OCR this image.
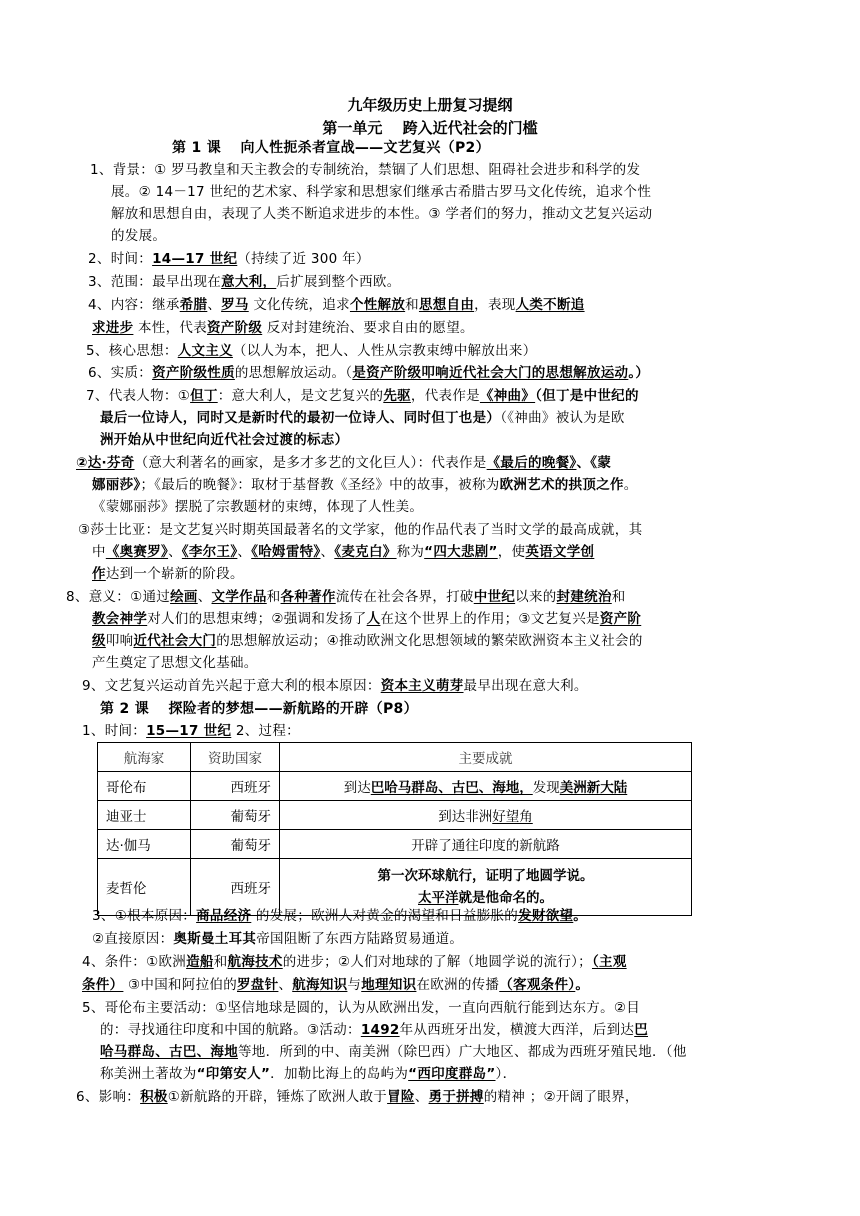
九年级历史上册复习提纲
第一单元　 跨入近代社会的门槛
第 1 课　 向人性扼杀者宣战——文艺复兴（P2）
1、背景：① 罗马教皇和天主教会的专制统治，禁锢了人们思想、阻碍社会进步和科学的发
展。② 14－17 世纪的艺术家、科学家和思想家们继承古希腊古罗马文化传统，追求个性
解放和思想自由，表现了人类不断追求进步的本性。③ 学者们的努力，推动文艺复兴运动
的发展。
2、时间：14—17 世纪（持续了近 300 年）
3、范围：最早出现在意大利，后扩展到整个西欧。
4、内容：继承希腊、罗马 文化传统，追求个性解放和思想自由，表现人类不断追
求进步 本性，代表资产阶级 反对封建统治、要求自由的愿望。
5、核心思想：人文主义（以人为本，把人、人性从宗教束缚中解放出来）
6、实质：资产阶级性质的思想解放运动。（是资产阶级叩响近代社会大门的思想解放运动。）
7、代表人物：①但丁：意大利人，是文艺复兴的先驱，代表作是《神曲》（但丁是中世纪的
最后一位诗人，同时又是新时代的最初一位诗人、同时但丁也是）（《神曲》被认为是欧
洲开始从中世纪向近代社会过渡的标志）
②达·芬奇（意大利著名的画家，是多才多艺的文化巨人）：代表作是《最后的晚餐》、《蒙
娜丽莎》；《最后的晚餐》：取材于基督教《圣经》中的故事，被称为欧洲艺术的拱顶之作。
《蒙娜丽莎》摆脱了宗教题材的束缚，体现了人性美。
③莎士比亚：是文艺复兴时期英国最著名的文学家，他的作品代表了当时文学的最高成就，其
中《奥赛罗》、《李尔王》、《哈姆雷特》、《麦克白》称为“四大悲剧”，使英语文学创
作达到一个崭新的阶段。
8、意义：①通过绘画、文学作品和各种著作流传在社会各界，打破中世纪以来的封建统治和
教会神学对人们的思想束缚；②强调和发扬了人在这个世界上的作用；③文艺复兴是资产阶
级叩响近代社会大门的思想解放运动；④推动欧洲文化思想领域的繁荣欧洲资本主义社会的
产生奠定了思想文化基础。
9、文艺复兴运动首先兴起于意大利的根本原因：资本主义萌芽最早出现在意大利。
第 2 课　 探险者的梦想——新航路的开辟（P8）
1、时间：15—17 世纪 2、过程：
航海家	资助国家	主要成就
哥伦布	西班牙	到达巴哈马群岛、古巴、海地，发现美洲新大陆
迪亚士	葡萄牙	到达非洲好望角
达·伽马	葡萄牙	开辟了通往印度的新航路
麦哲伦	西班牙	第一次环球航行，证明了地圆学说。
太平洋就是他命名的。
3、①根本原因：商品经济 的发展；欧洲人对黄金的渴望和日益膨胀的发财欲望。
②直接原因：奥斯曼土耳其帝国阻断了东西方陆路贸易通道。
4、条件：①欧洲造船和航海技术的进步；②人们对地球的了解（地圆学说的流行）；（主观
条件） ③中国和阿拉伯的罗盘针、航海知识与地理知识在欧洲的传播（客观条件）。
5、哥伦布主要活动：①坚信地球是圆的，认为从欧洲出发，一直向西航行能到达东方。②目
的：寻找通往印度和中国的航路。③活动：1492年从西班牙出发，横渡大西洋，后到达巴
哈马群岛、古巴、海地等地．所到的中、南美洲（除巴西）广大地区、都成为西班牙殖民地．（他
称美洲土著故为“印第安人”．加勒比海上的岛屿为“西印度群岛”）．
6、影响：积极①新航路的开辟，锤炼了欧洲人敢于冒险、勇于拼搏的精神 ；②开阔了眼界，
